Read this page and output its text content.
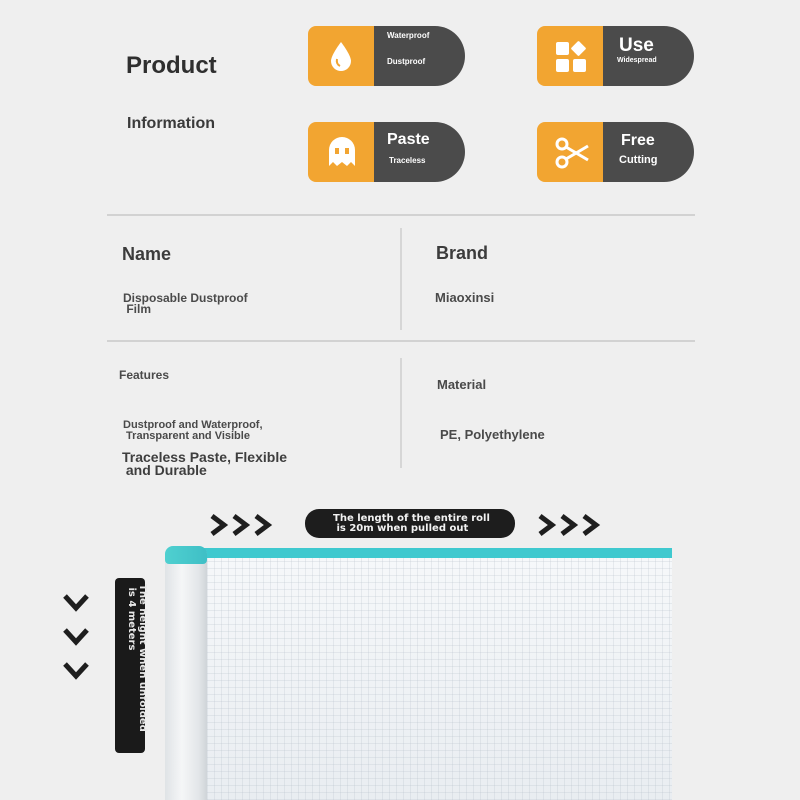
Product
Information
Waterproof
Dustproof
Use
Widespread
Paste
Traceless
Free
Cutting
Name
Disposable Dustproof
Film
Brand
Miaoxinsi
Features
Dustproof and Waterproof,
Transparent and Visible
Traceless Paste, Flexible
and Durable
Material
PE, Polyethylene
The length of the entire roll
is 20m when pulled out
The height when unfolded
is 4 meters
